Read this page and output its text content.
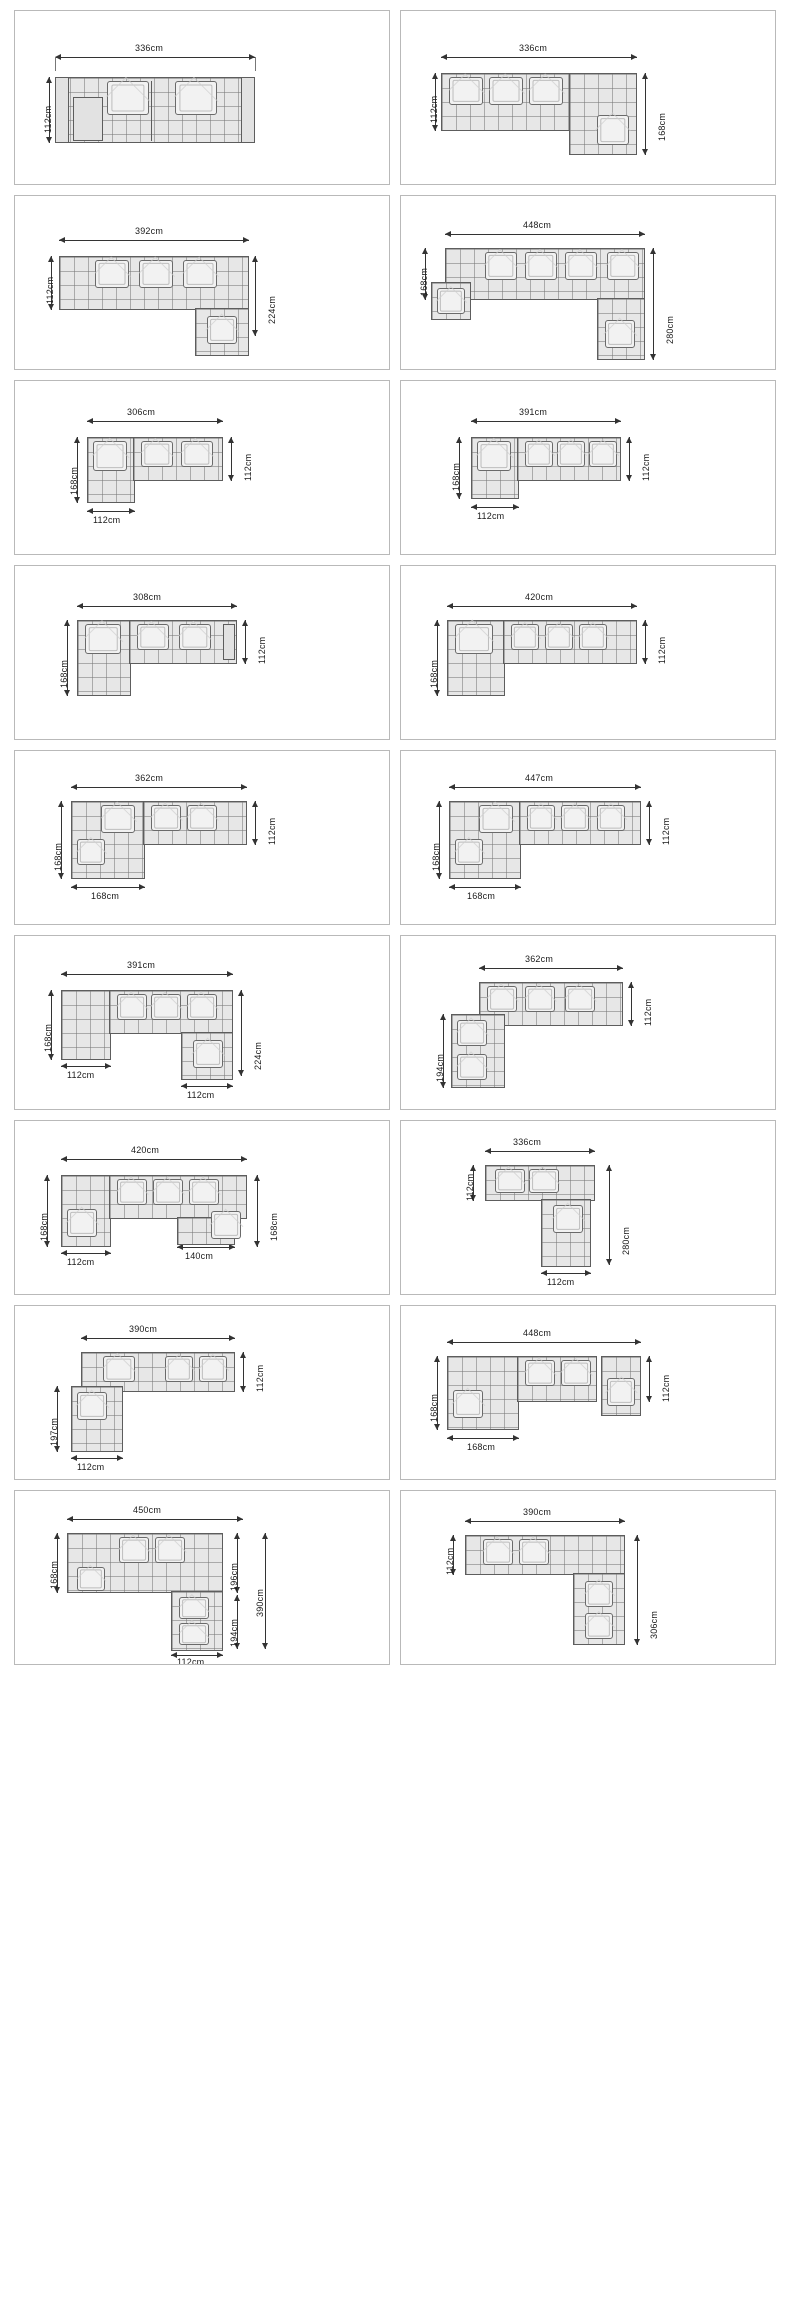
336cm
112cm
336cm
112cm
168cm
392cm
112cm
224cm
448cm
168cm
280cm
306cm
168cm	112cm
112cm
391cm
168cm	112cm
112cm
308cm
168cm
112cm
420cm
168cm
112cm
362cm
168cm
112cm
168cm
447cm
168cm
112cm
168cm
391cm
168cm
224cm
112cm
112cm
362cm
112cm
194cm
420cm
168cm	168cm
112cm
140cm
336cm
112cm
280cm
112cm
390cm
112cm
197cm
112cm
448cm
168cm
112cm
168cm
450cm
168cm	196cm
390cm
194cm
112cm
390cm
112cm
306cm
